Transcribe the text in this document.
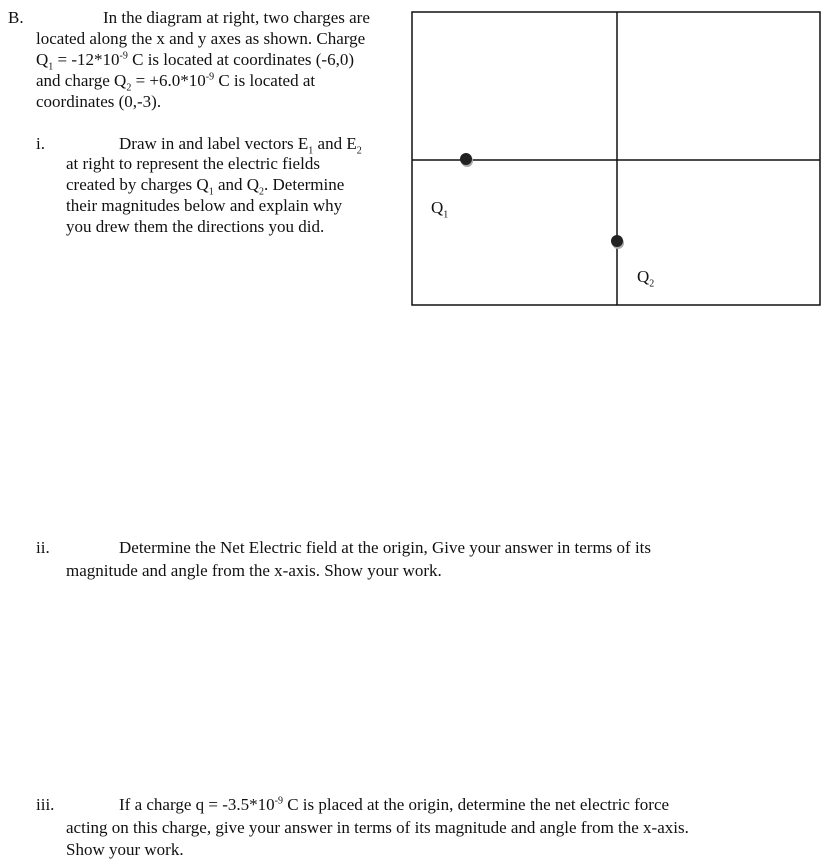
B.	In the diagram at right, two charges are
located along the x and y axes as shown. Charge
$Q_1 = -12*10^{-9}$ C is located at coordinates (-6,0)
and charge $Q_2 = +6.0*10^{-9}$ C is located at
coordinates (0,-3).
i.	Draw in and label vectors $E_1$ and $E_2$
at right to represent the electric fields
created by charges $Q_1$ and $Q_2$. Determine
their magnitudes below and explain why
you drew them the directions you did.
$Q_1$
$Q_2$
ii.	Determine the Net Electric field at the origin, Give your answer in terms of its
magnitude and angle from the x-axis. Show your work.
iii.	If a charge $q = -3.5*10^{-9}$ C is placed at the origin, determine the net electric force
acting on this charge, give your answer in terms of its magnitude and angle from the x-axis.
Show your work.
